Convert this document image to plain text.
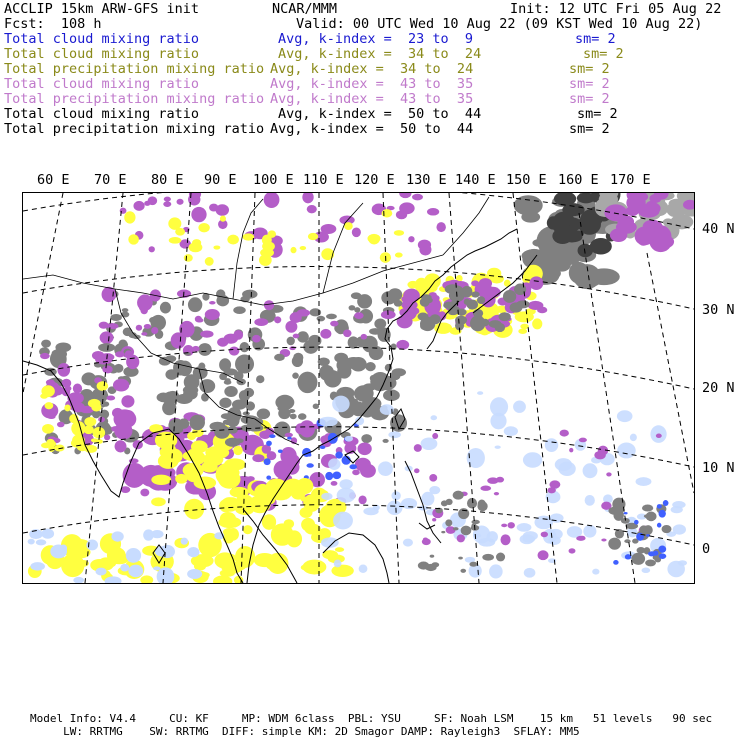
ACCLIP 15km ARW-GFS init	NCAR/MMM	Init: 12 UTC Fri 05 Aug 22
Fcst:  108 h	Valid: 00 UTC Wed 10 Aug 22 (09 KST Wed 10 Aug 22)
Total cloud mixing ratio	Avg, k-index =  23 to  9	sm= 2
Total cloud mixing ratio	Avg, k-index =  34 to  24	sm= 2
Total precipitation mixing ratio Avg, k-index =  34 to  24	sm= 2
Total cloud mixing ratio	Avg, k-index =  43 to  35	sm= 2
Total precipitation mixing ratio Avg, k-index =  43 to  35	sm= 2
Total cloud mixing ratio	Avg, k-index =  50 to  44	sm= 2
Total precipitation mixing ratio Avg, k-index =  50 to  44	sm= 2
60 E 70 E 80 E 90 E 100 E 110 E 120 E 130 E 140 E 150 E 160 E 170 E
40 N
30 N
20 N
10 N
0
Model Info: V4.4     CU: KF     MP: WDM 6class  PBL: YSU     SF: Noah LSM    15 km   51 levels   90 sec
LW: RRTMG    SW: RRTMG  DIFF: simple KM: 2D Smagor DAMP: Rayleigh3  SFLAY: MM5
